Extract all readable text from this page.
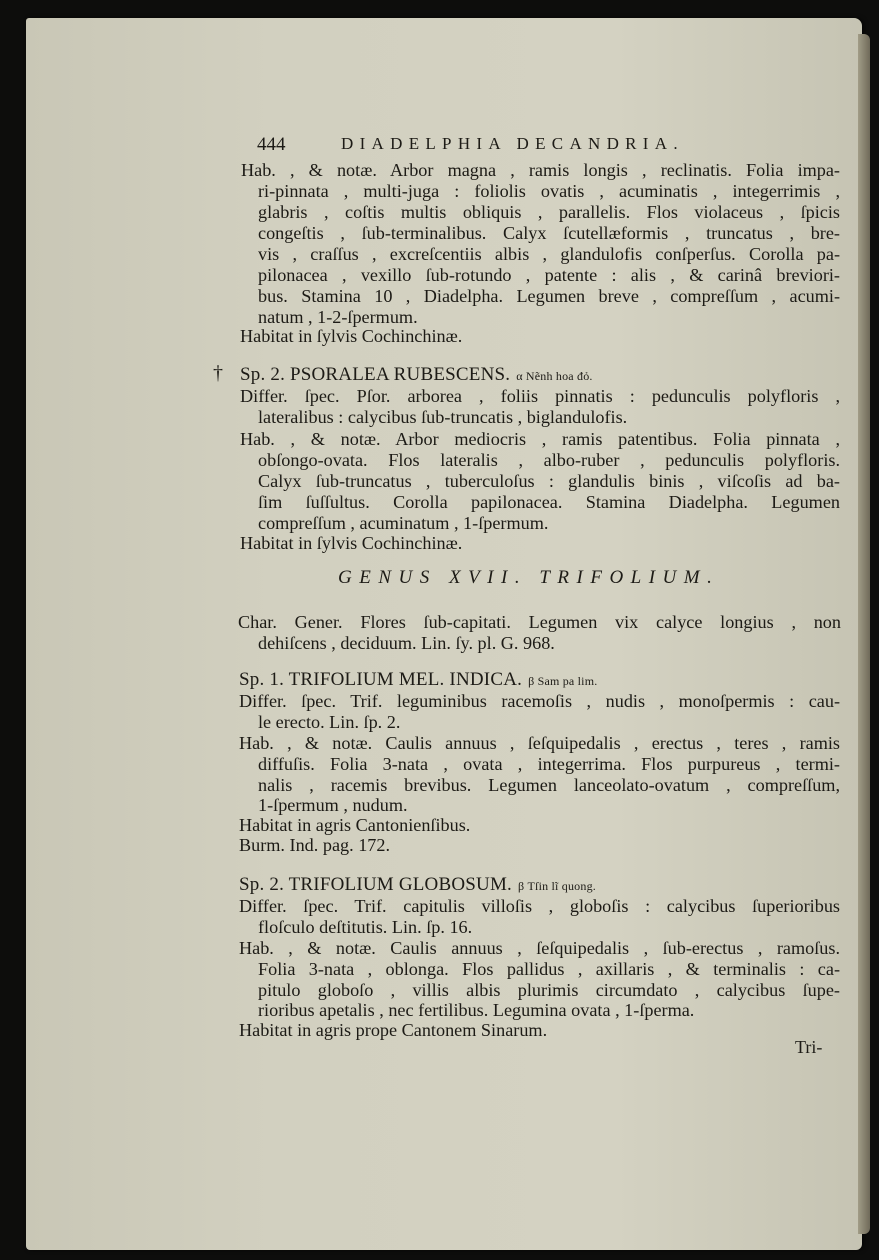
444	DIADELPHIA DECANDRIA.
Hab. , & notæ. Arbor magna , ramis longis , reclinatis. Folia impa-
ri-pinnata , multi-juga : foliolis ovatis , acuminatis , integerrimis ,
glabris , coſtis multis obliquis , parallelis. Flos violaceus , ſpicis
congeſtis , ſub-terminalibus. Calyx ſcutellæformis , truncatus , bre-
vis , craſſus , excreſcentiis albis , glandulofis conſperſus. Corolla pa-
pilonacea , vexillo ſub-rotundo , patente : alis , & carinâ breviori-
bus. Stamina 10 , Diadelpha. Legumen breve , compreſſum , acumi-
natum , 1-2-ſpermum.
Habitat in ſylvis Cochinchinæ.
† Sp. 2. PSORALEA RUBESCENS. α Nẽnh hoa đỏ.
Differ. ſpec. Pſor. arborea , foliis pinnatis : pedunculis polyfloris ,
lateralibus : calycibus ſub-truncatis , biglandulofis.
Hab. , & notæ. Arbor mediocris , ramis patentibus. Folia pinnata ,
obſongo-ovata. Flos lateralis , albo-ruber , pedunculis polyfloris.
Calyx ſub-truncatus , tuberculoſus : glandulis binis , viſcoſis ad ba-
ſim ſuſſultus. Corolla papilonacea. Stamina Diadelpha. Legumen
compreſſum , acuminatum , 1-ſpermum.
Habitat in ſylvis Cochinchinæ.
GENUS XVII. TRIFOLIUM.
Char. Gener. Flores ſub-capitati. Legumen vix calyce longius , non
dehiſcens , deciduum. Lin. ſy. pl. G. 968.
Sp. 1. TRIFOLIUM MEL. INDICA. β Sam pa lim.
Differ. ſpec. Trif. leguminibus racemoſis , nudis , monoſpermis : cau-
le erecto. Lin. ſp. 2.
Hab. , & notæ. Caulis annuus , ſeſquipedalis , erectus , teres , ramis
diffuſis. Folia 3-nata , ovata , integerrima. Flos purpureus , termi-
nalis , racemis brevibus. Legumen lanceolato-ovatum , compreſſum,
1-ſpermum , nudum.
Habitat in agris Cantonienſibus.
Burm. Ind. pag. 172.
Sp. 2. TRIFOLIUM GLOBOSUM. β Tſin lĩ quong.
Differ. ſpec. Trif. capitulis villoſis , globoſis : calycibus ſuperioribus
floſculo deſtitutis. Lin. ſp. 16.
Hab. , & notæ. Caulis annuus , ſeſquipedalis , ſub-erectus , ramoſus.
Folia 3-nata , oblonga. Flos pallidus , axillaris , & terminalis : ca-
pitulo globoſo , villis albis plurimis circumdato , calycibus ſupe-
rioribus apetalis , nec fertilibus. Legumina ovata , 1-ſperma.
Habitat in agris prope Cantonem Sinarum.
Tri-
